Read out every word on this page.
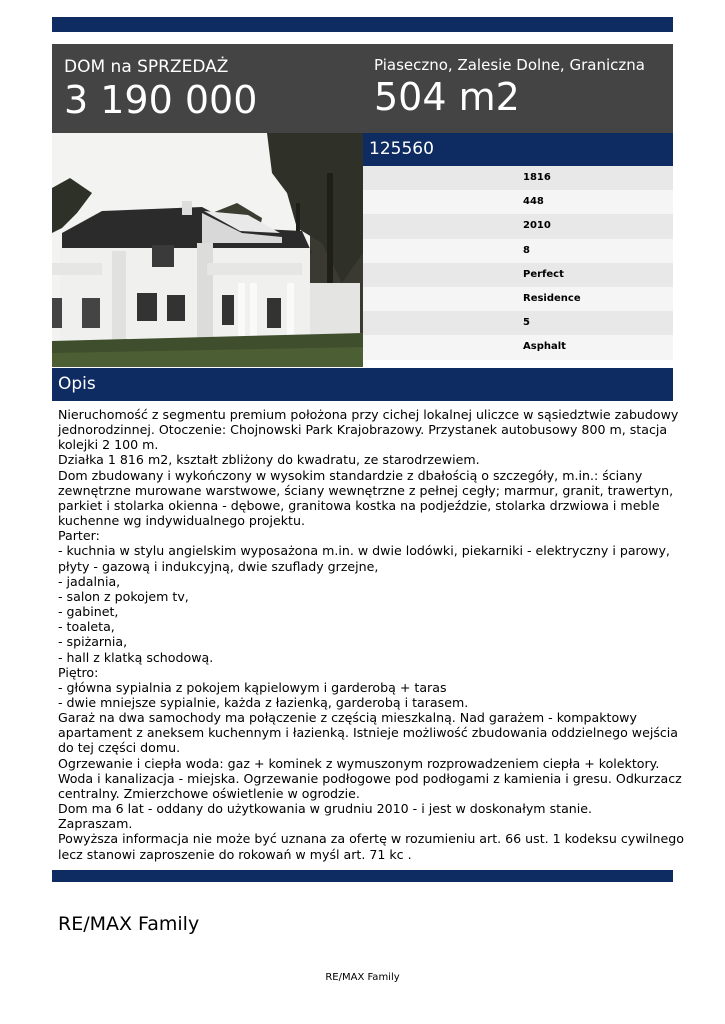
DOM na SPRZEDAŻ
3 190 000
Piaseczno, Zalesie Dolne, Graniczna
504 m2
125560
1816
448
2010
8
Perfect
Residence
5
Asphalt
Opis
Nieruchomość z segmentu premium położona przy cichej lokalnej uliczce w sąsiedztwie zabudowy
jednorodzinnej. Otoczenie: Chojnowski Park Krajobrazowy. Przystanek autobusowy 800 m, stacja
kolejki 2 100 m.
Działka 1 816 m2, kształt zbliżony do kwadratu, ze starodrzewiem.
Dom zbudowany i wykończony w wysokim standardzie z dbałością o szczegóły, m.in.: ściany
zewnętrzne murowane warstwowe, ściany wewnętrzne z pełnej cegły; marmur, granit, trawertyn,
parkiet i stolarka okienna - dębowe, granitowa kostka na podjeździe, stolarka drzwiowa i meble
kuchenne wg indywidualnego projektu.
Parter:
- kuchnia w stylu angielskim wyposażona m.in. w dwie lodówki, piekarniki - elektryczny i parowy,
płyty - gazową i indukcyjną, dwie szuflady grzejne,
- jadalnia,
- salon z pokojem tv,
- gabinet,
- toaleta,
- spiżarnia,
- hall z klatką schodową.
Piętro:
- główna sypialnia z pokojem kąpielowym i garderobą + taras
- dwie mniejsze sypialnie, każda z łazienką, garderobą i tarasem.
Garaż na dwa samochody ma połączenie z częścią mieszkalną. Nad garażem - kompaktowy
apartament z aneksem kuchennym i łazienką. Istnieje możliwość zbudowania oddzielnego wejścia
do tej części domu.
Ogrzewanie i ciepła woda: gaz + kominek z wymuszonym rozprowadzeniem ciepła + kolektory.
Woda i kanalizacja - miejska. Ogrzewanie podłogowe pod podłogami z kamienia i gresu. Odkurzacz
centralny. Zmierzchowe oświetlenie w ogrodzie.
Dom ma 6 lat - oddany do użytkowania w grudniu 2010 - i jest w doskonałym stanie.
Zapraszam.
Powyższa informacja nie może być uznana za ofertę w rozumieniu art. 66 ust. 1 kodeksu cywilnego
lecz stanowi zaproszenie do rokowań w myśl art. 71 kc .
RE/MAX Family
RE/MAX Family
